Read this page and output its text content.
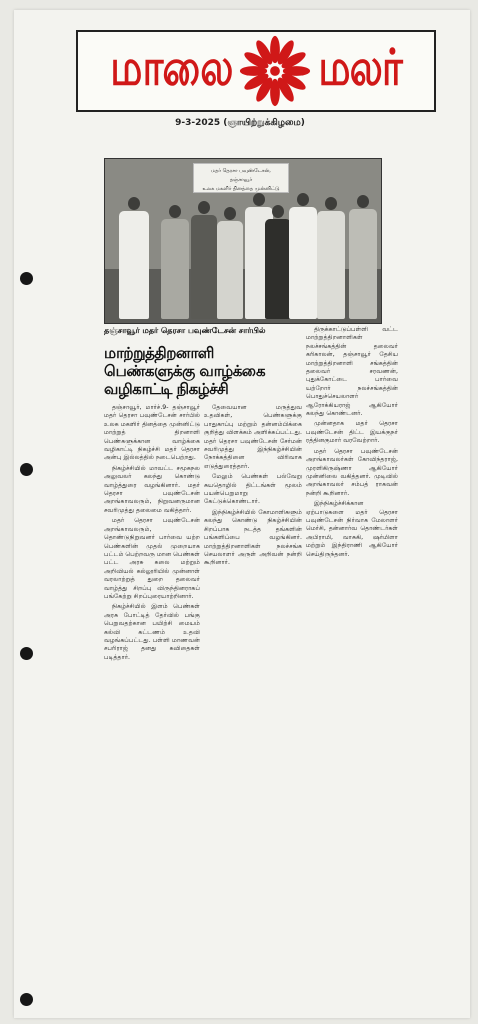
மாலை மலர்
9-3-2025 (ஞாயிற்றுக்கிழமை)
மதர் தெரசா பவுண்டேசன்,
தஞ்சாவூர்
உலக மகளிர் தினத்தை முன்னிட்டு
தஞ்சாவூர் மதர் தெரசா பவுண்டேசன் சார்பில்
மாற்றுத்திறனாளி பெண்களுக்கு வாழ்க்கை வழிகாட்டி நிகழ்ச்சி

தஞ்சாவூர், மார்ச்.9- தஞ்சாவூர் மதர் தெரசா பவுண்டேசன் சார்பில் உலக மகளிர் தினத்தை முன்னிட்டு மாற்றுத் திறனாளி பெண்களுக்கான வாழ்க்கை வழிகாட்டி நிகழ்ச்சி மதர் தெரசா அன்பு இல்லத்தில் நடைபெற்றது.

நிகழ்ச்சியில் மாவட்ட சமூகநல அலுவலர் கலந்து கொண்டு வாழ்த்துரை வழங்கினார். மதர் தெரசா பவுண்டேசன் அறங்காவலரும், நிறுவனருமான சவரிமுத்து தலைமை வகித்தார்.

மதர் தெரசா பவுண்டேசன் அறங்காவலரும், தொண்டுநிறுவனர் பார்வை யற்ற பெண்களின் முதல் முறையாக பட்டம் பெற்றவரு மான பெண்கள் பட்ட அரசு கலை மற்றும் அறிவியல் கல்லூரியில் முன்னாள் வரலாற்றுத் துறை தலைவர் வாழ்த்து சிறப்பு விருந்தினராகப் பங்கேற்று சிறப்புரையாற்றினார்.

நிகழ்ச்சியில் இளம் பெண்கள் அரசு போட்டித் தேர்வில் பங்கு பெறுவதற்கான பயிற்சி மையம் கல்வி கட்டணம் உதவி வழங்கப்பட்டது. பள்ளி மாணவன் சபரிராஜ் தனது கவிதைகள் படித்தார்.

தேவையான மருத்துவ உதவிகள், பெண்களுக்கு பாதுகாப்பு மற்றும் தன்னம்பிக்கை குறித்து விளக்கம் அளிக்கப்பட்டது. மதர் தெரசா பவுண்டேசன் சேர்மன் சவரிமுத்து இந்நிகழ்ச்சியின் நோக்கத்தினை விரிவாக எடுத்துரைத்தார்.

மேலும் பெண்கள் பல்வேறு சுயதொழில் திட்டங்கள் மூலம் பயன்பெறுமாறு கேட்டுக்கொண்டார்.

இந்நிகழ்ச்சியில் கோமாளிகளும் கலந்து கொண்டு நிகழ்ச்சியின் சிறப்பாக நடத்த தங்களின் பங்களிப்பை வழங்கினர். மாற்றுத்திறனாளிகள் நலச்சங்க செயலாளர் அருள் அறிவன் நன்றி கூறினார்.

திருக்காட்டுப்பள்ளி வட்ட மாற்றுத்திறனாளிகள் நலச்சங்கத்தின் தலைவர் கரிகாலன், தஞ்சாவூர் தேசிய மாற்றுத்திறனாளி சங்கத்தின் தலைவர் சரவணன், புதுக்கோட்டை பார்வை யற்றோர் நலச்சங்கத்தின் பொதுச்செயலாளர் ஆரோக்கியராஜ் ஆகியோர் கலந்து கொண்டனர்.

முன்னதாக மதர் தெரசா பவுண்டேசன் திட்ட இயக்குநர் ரத்தினகுமார் வரவேற்றார்.

மதர் தெரசா பவுண்டேசன் அறங்காவலர்கள் கோவிந்தராஜ், முரளிகிருஷ்ணா ஆகியோர் முன்னிலை வகித்தனர். முடிவில் அறங்காவலர் சம்பத் ராகவன் நன்றி கூறினார்.

இந்நிகழ்ச்சிக்கான ஏற்பாடுகளை மதர் தெரசா பவுண்டேசன் நிர்வாக மேலாளர் மெர்சி, தன்னார்வ தொண்டர்கள் அபிராமி, வாசுகி, ஷர்மிளா மற்றும் இந்திராணி ஆகியோர் செய்திருந்தனர்.
